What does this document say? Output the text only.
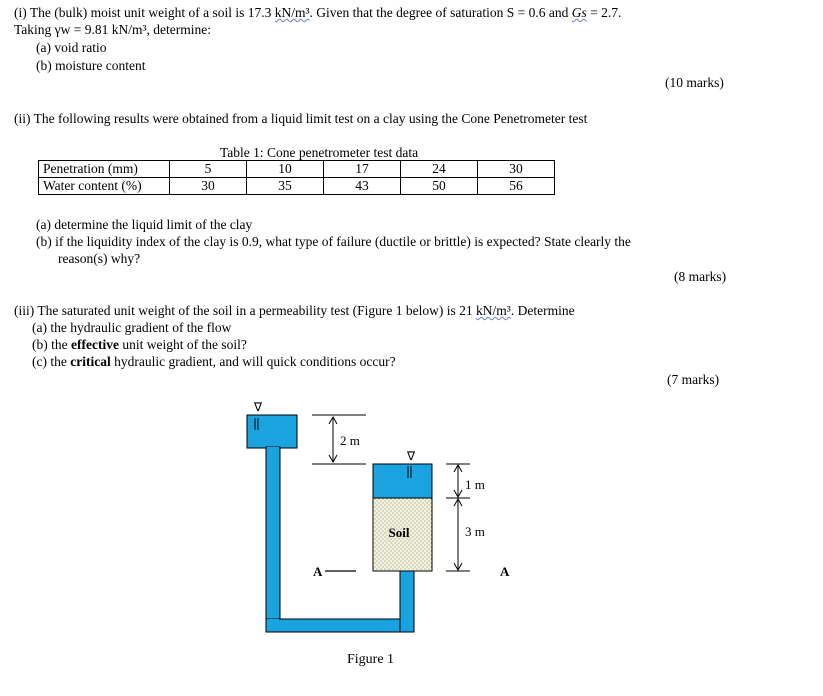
(i) The (bulk) moist unit weight of a soil is 17.3 kN/m³. Given that the degree of saturation S = 0.6 and Gs = 2.7.
Taking γw = 9.81 kN/m³, determine:
(a) void ratio
(b) moisture content
(10 marks)
(ii) The following results were obtained from a liquid limit test on a clay using the Cone Penetrometer test
Table 1: Cone penetrometer test data
Penetration (mm)	5	10	17	24	30
Water content (%)	30	35	43	50	56
(a) determine the liquid limit of the clay
(b) if the liquidity index of the clay is 0.9, what type of failure (ductile or brittle) is expected? State clearly the
reason(s) why?
(8 marks)
(iii) The saturated unit weight of the soil in a permeability test (Figure 1 below) is 21 kN/m³. Determine
(a) the hydraulic gradient of the flow
(b) the effective unit weight of the soil?
(c) the critical hydraulic gradient, and will quick conditions occur?
(7 marks)
∇
∇
2 m
1 m
3 m
Soil
A	A
Figure 1
